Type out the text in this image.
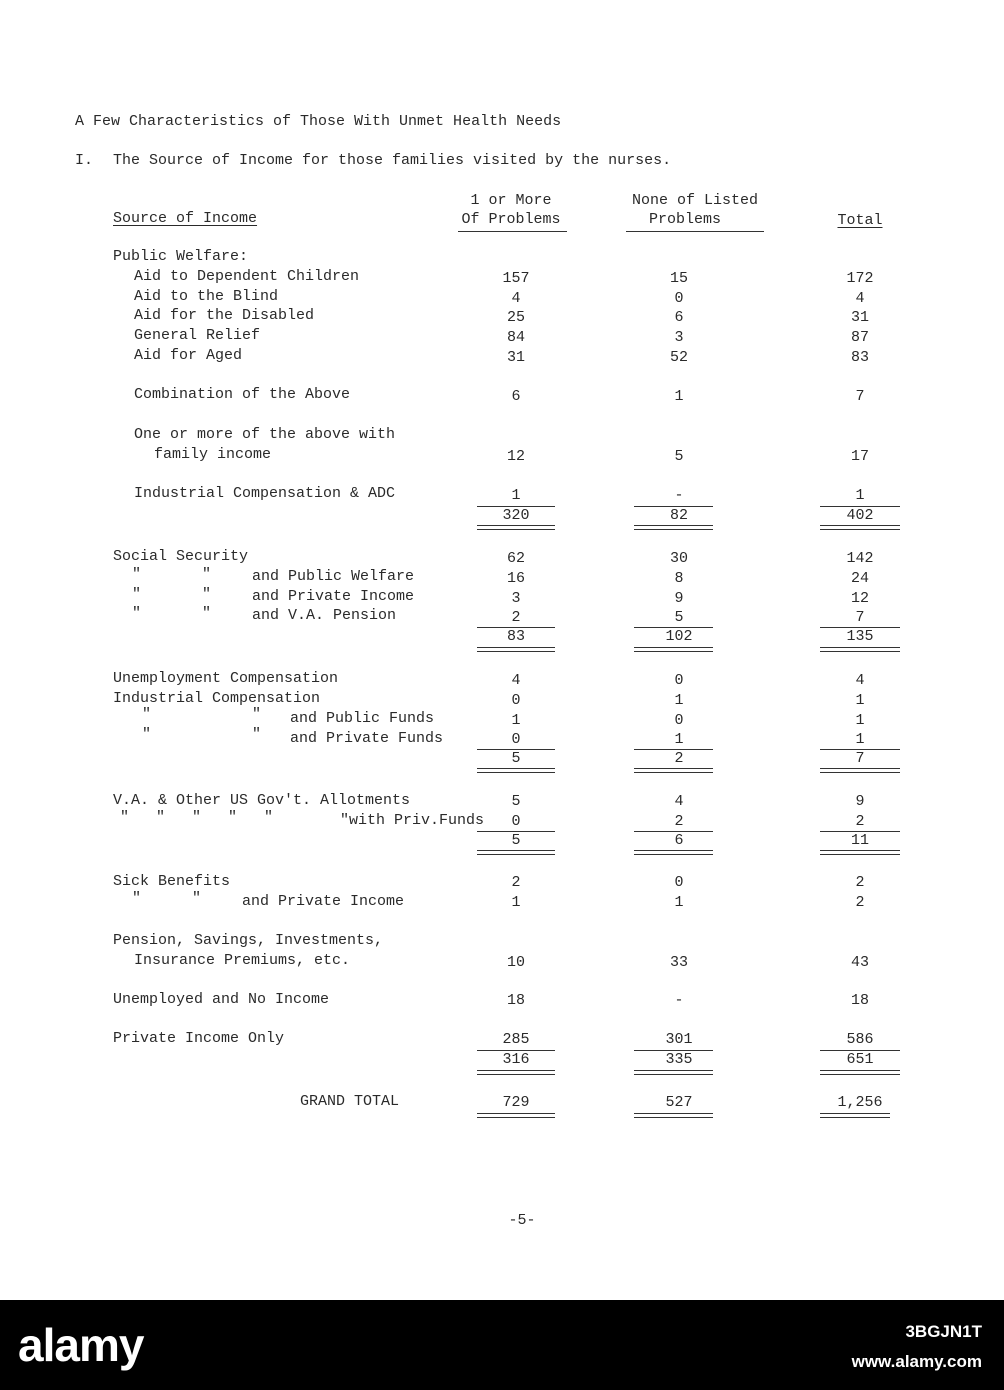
A Few Characteristics of Those With Unmet Health Needs
I. The Source of Income for those families visited by the nurses.
Source of Income
1 or More
Of Problems
None of Listed
Problems	Total
Public Welfare:
Aid to Dependent Children	157	15	172
Aid to the Blind	4	0	4
Aid for the Disabled	25	6	31
General Relief	84	3	87
Aid for Aged	31	52	83
Combination of the Above	6	1	7
One or more of the above with
family income	12	5	17
Industrial Compensation & ADC	1	-	1
320	82	402
Social Security	62	30	142
"	"	and Public Welfare	16	8	24
"	"	and Private Income	3	9	12
"	"	and V.A. Pension	2	5	7
83	102	135
Unemployment Compensation	4	0	4
Industrial Compensation	0	1	1
"	" and Public Funds	1	0	1
"	" and Private Funds	0	1	1
5	2	7
V.A. & Other US Gov't. Allotments	5	4	9
"   "   "   "   "	"with Priv.Funds	0	2	2
5	6	11
Sick Benefits	2	0	2
"	"	and Private Income	1	1	2
Pension, Savings, Investments,
Insurance Premiums, etc.	10	33	43
Unemployed and No Income	18	-	18
Private Income Only	285	301	586
316	335	651
GRAND TOTAL	729	527	1,256
-5-
alamy	3BGJN1T
www.alamy.com
